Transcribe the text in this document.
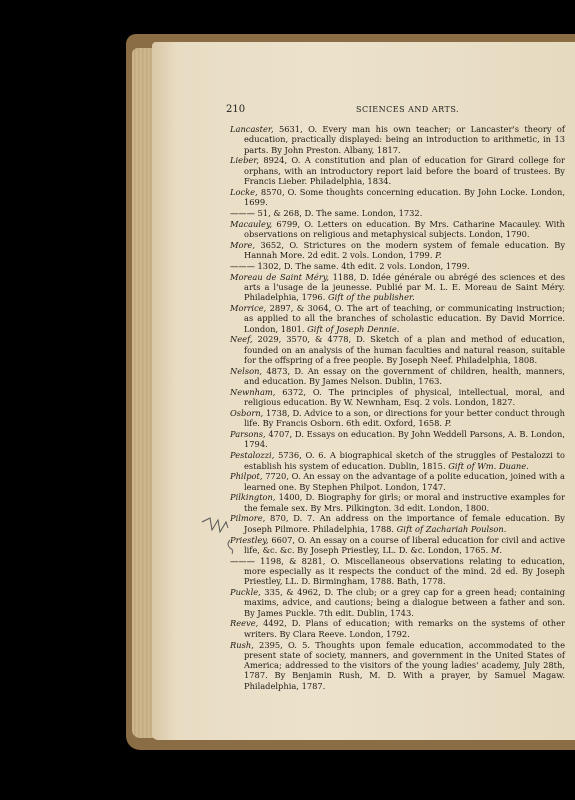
210	SCIENCES AND ARTS.
Lancaster, 5631, O. Every man his own teacher; or Lancaster's theory of education, practically displayed: being an introduction to arithmetic, in 13 parts. By John Preston. Albany, 1817.
Lieber, 8924, O. A constitution and plan of education for Girard college for orphans, with an introductory report laid before the board of trustees. By Francis Lieber. Philadelphia, 1834.
Locke, 8570, O. Some thoughts concerning education. By John Locke. London, 1699.
——— 51, & 268, D. The same. London, 1732.
Macauley, 6799, O. Letters on education. By Mrs. Catharine Macauley. With observations on religious and metaphysical subjects. London, 1790.
More, 3652, O. Strictures on the modern system of female education. By Hannah More. 2d edit. 2 vols. London, 1799. P.
——— 1302, D. The same. 4th edit. 2 vols. London, 1799.
Moreau de Saint Méry, 1188, D. Idée générale ou abrégé des sciences et des arts a l'usage de la jeunesse. Publié par M. L. E. Moreau de Saint Méry. Philadelphia, 1796. Gift of the publisher.
Morrice, 2897, & 3064, O. The art of teaching, or communicating instruction; as applied to all the branches of scholastic education. By David Morrice. London, 1801. Gift of Joseph Dennie.
Neef, 2029, 3570, & 4778, D. Sketch of a plan and method of education, founded on an analysis of the human faculties and natural reason, suitable for the offspring of a free people. By Joseph Neef. Philadelphia, 1808.
Nelson, 4873, D. An essay on the government of children, health, manners, and education. By James Nelson. Dublin, 1763.
Newnham, 6372, O. The principles of physical, intellectual, moral, and religious education. By W. Newnham, Esq. 2 vols. London, 1827.
Osborn, 1738, D. Advice to a son, or directions for your better conduct through life. By Francis Osborn. 6th edit. Oxford, 1658. P.
Parsons, 4707, D. Essays on education. By John Weddell Parsons, A. B. London, 1794.
Pestalozzi, 5736, O. 6. A biographical sketch of the struggles of Pestalozzi to establish his system of education. Dublin, 1815. Gift of Wm. Duane.
Philpot, 7720, O. An essay on the advantage of a polite education, joined with a learned one. By Stephen Philpot. London, 1747.
Pilkington, 1400, D. Biography for girls; or moral and instructive examples for the female sex. By Mrs. Pilkington. 3d edit. London, 1800.
Pilmore, 870, D. 7. An address on the importance of female education. By Joseph Pilmore. Philadelphia, 1788. Gift of Zachariah Poulson.
Priestley, 6607, O. An essay on a course of liberal education for civil and active life, &c. &c. By Joseph Priestley, LL. D. &c. London, 1765. M.
——— 1198, & 8281, O. Miscellaneous observations relating to education, more especially as it respects the conduct of the mind. 2d ed. By Joseph Priestley, LL. D. Birmingham, 1788. Bath, 1778.
Puckle, 335, & 4962, D. The club; or a grey cap for a green head; containing maxims, advice, and cautions; being a dialogue between a father and son. By James Puckle. 7th edit. Dublin, 1743.
Reeve, 4492, D. Plans of education; with remarks on the systems of other writers. By Clara Reeve. London, 1792.
Rush, 2395, O. 5. Thoughts upon female education, accommodated to the present state of society, manners, and government in the United States of America; addressed to the visitors of the young ladies' academy, July 28th, 1787. By Benjamin Rush, M. D. With a prayer, by Samuel Magaw. Philadelphia, 1787.
